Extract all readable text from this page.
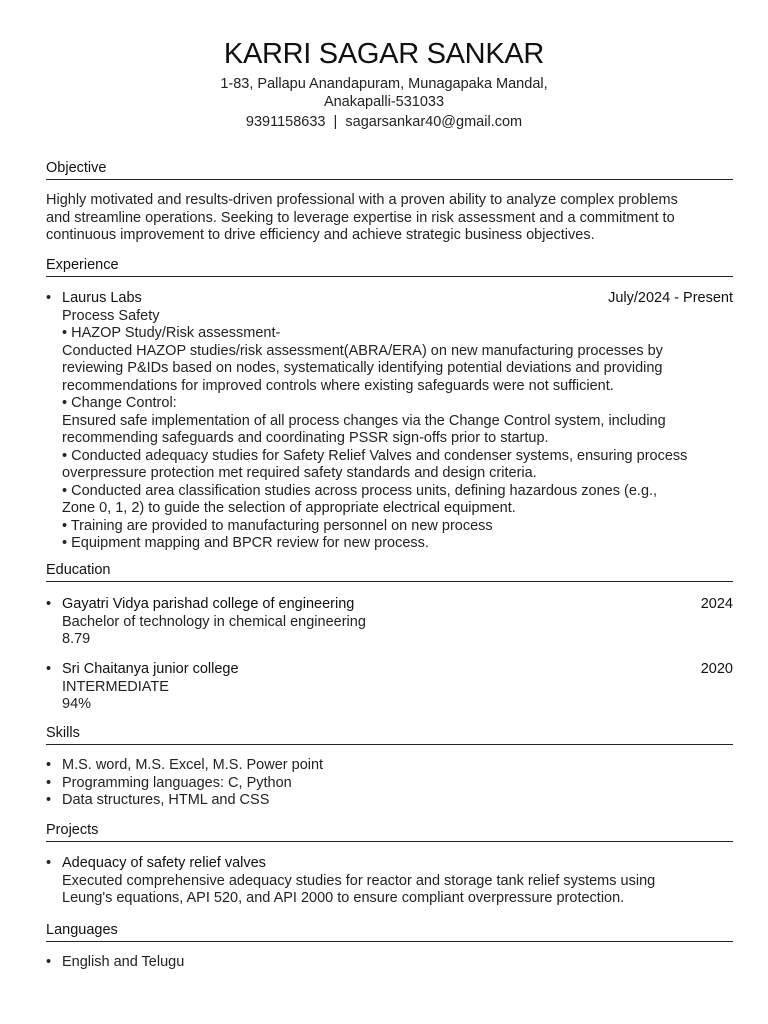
KARRI SAGAR SANKAR
1-83, Pallapu Anandapuram, Munagapaka Mandal,
Anakapalli-531033
9391158633 | sagarsankar40@gmail.com
Objective
Highly motivated and results-driven professional with a proven ability to analyze complex problems
and streamline operations. Seeking to leverage expertise in risk assessment and a commitment to
continuous improvement to drive efficiency and achieve strategic business objectives.
Experience
• Laurus Labs	July/2024 - Present
Process Safety
• HAZOP Study/Risk assessment-
Conducted HAZOP studies/risk assessment(ABRA/ERA) on new manufacturing processes by
reviewing P&IDs based on nodes, systematically identifying potential deviations and providing
recommendations for improved controls where existing safeguards were not sufficient.
• Change Control:
Ensured safe implementation of all process changes via the Change Control system, including
recommending safeguards and coordinating PSSR sign-offs prior to startup.
• Conducted adequacy studies for Safety Relief Valves and condenser systems, ensuring process
overpressure protection met required safety standards and design criteria.
• Conducted area classification studies across process units, defining hazardous zones (e.g.,
Zone 0, 1, 2) to guide the selection of appropriate electrical equipment.
• Training are provided to manufacturing personnel on new process
• Equipment mapping and BPCR review for new process.
Education
• Gayatri Vidya parishad college of engineering	2024
Bachelor of technology in chemical engineering
8.79
• Sri Chaitanya junior college	2020
INTERMEDIATE
94%
Skills
• M.S. word, M.S. Excel, M.S. Power point
• Programming languages: C, Python
• Data structures, HTML and CSS
Projects
• Adequacy of safety relief valves
Executed comprehensive adequacy studies for reactor and storage tank relief systems using
Leung's equations, API 520, and API 2000 to ensure compliant overpressure protection.
Languages
• English and Telugu
